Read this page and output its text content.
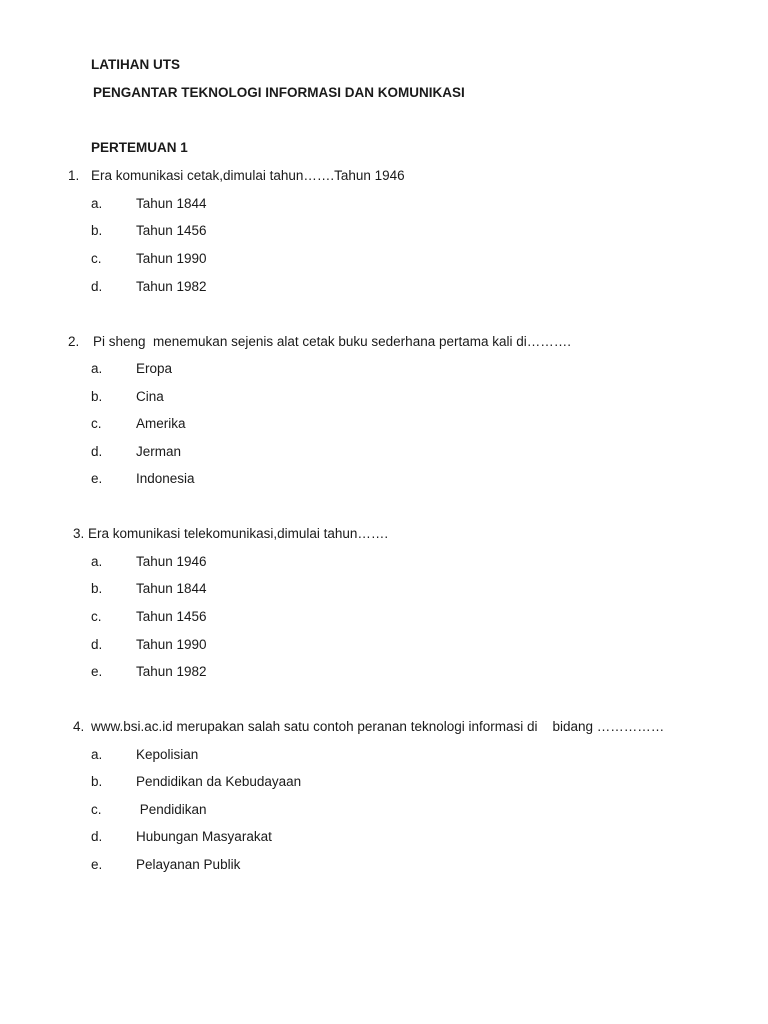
LATIHAN UTS
PENGANTAR TEKNOLOGI INFORMASI DAN KOMUNIKASI
PERTEMUAN 1
1. Era komunikasi cetak,dimulai tahun…….Tahun 1946
a. Tahun 1844
b. Tahun 1456
c.	Tahun 1990
d. Tahun 1982
2. Pi sheng  menemukan sejenis alat cetak buku sederhana pertama kali di……….
a. Eropa
b. Cina
c.	Amerika
d. Jerman
e. Indonesia
3. Era komunikasi telekomunikasi,dimulai tahun…….
a. Tahun 1946
b. Tahun 1844
c.	Tahun 1456
d. Tahun 1990
e. Tahun 1982
4. www.bsi.ac.id merupakan salah satu contoh peranan teknologi informasi di    bidang ……………
a. Kepolisian
b. Pendidikan da Kebudayaan
c.	Pendidikan
d. Hubungan Masyarakat
e. Pelayanan Publik
